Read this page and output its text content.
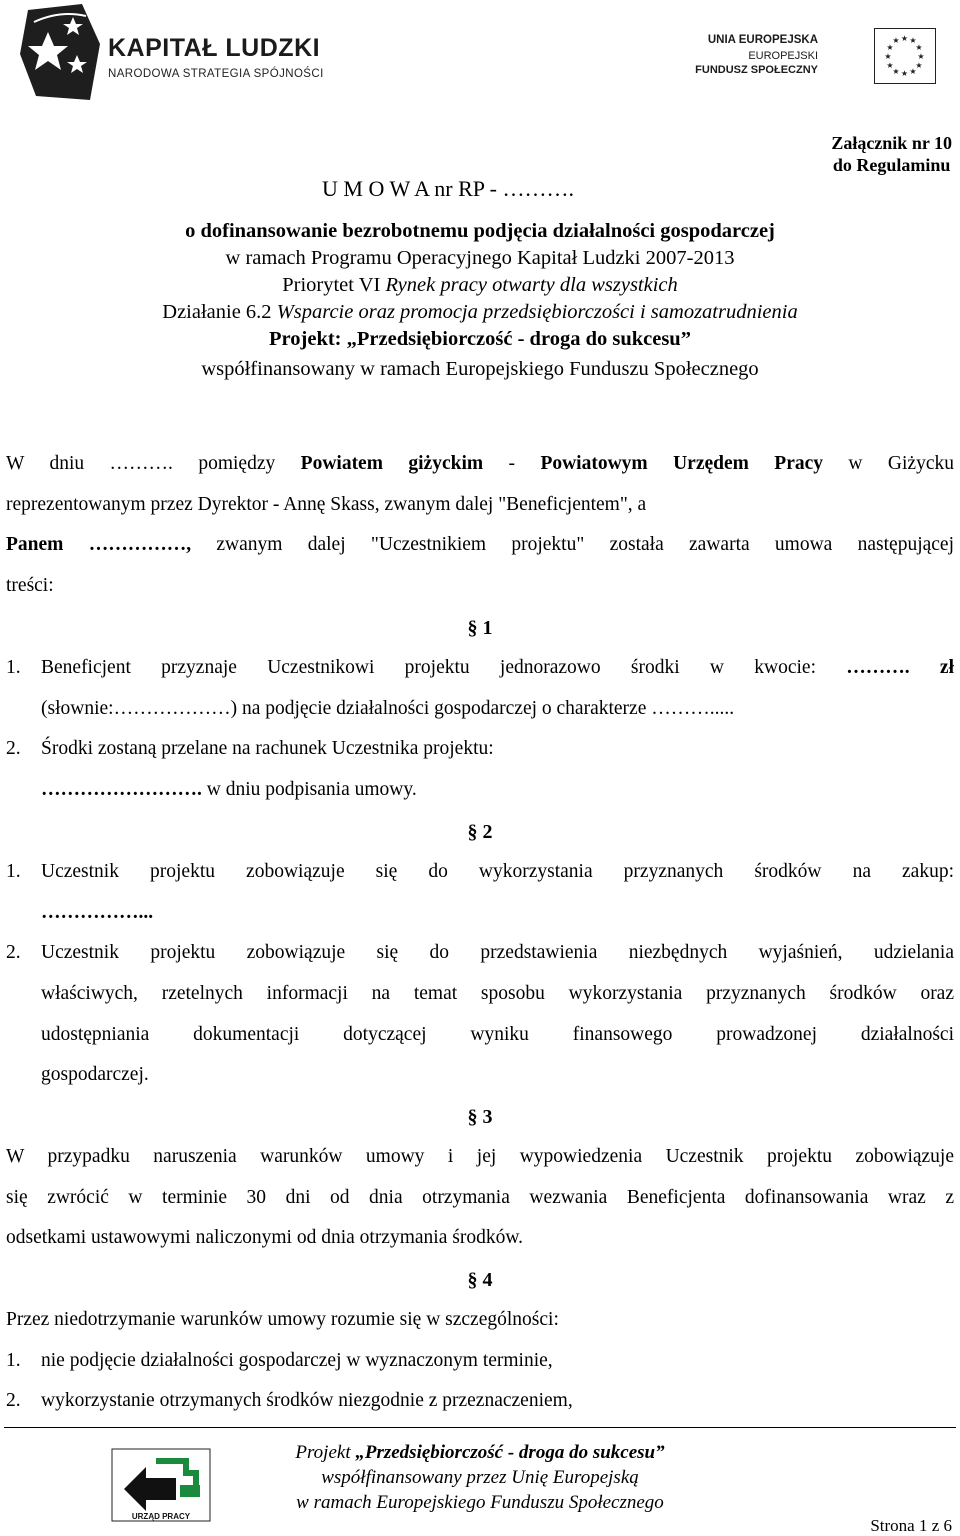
KAPITAŁ LUDZKI
NARODOWA STRATEGIA SPÓJNOŚCI
UNIA EUROPEJSKA
EUROPEJSKI
FUNDUSZ SPOŁECZNY
★ ★
★
★
★
★
★
★
★
★
★
★
Załącznik nr 10
do Regulaminu
U M O W A nr RP - ……….
o dofinansowanie bezrobotnemu podjęcia działalności gospodarczej
w ramach Programu Operacyjnego Kapitał Ludzki 2007-2013
Priorytet VI Rynek pracy otwarty dla wszystkich
Działanie 6.2 Wsparcie oraz promocja przedsiębiorczości i samozatrudnienia
Projekt: „Przedsiębiorczość - droga do sukcesu”
współfinansowany w ramach Europejskiego Funduszu Społecznego
W dniu ………. pomiędzy Powiatem giżyckim - Powiatowym Urzędem Pracy w Giżycku
reprezentowanym przez Dyrektor - Annę Skass, zwanym dalej "Beneficjentem", a
Panem ……………, zwanym dalej "Uczestnikiem projektu" została zawarta umowa następującej
treści:
§ 1
1. Beneficjent przyznaje Uczestnikowi projektu jednorazowo środki w kwocie: ………. zł
(słownie:………………) na podjęcie działalności gospodarczej o charakterze ……….....
2. Środki zostaną przelane na rachunek Uczestnika projektu:
……………………. w dniu podpisania umowy.
§ 2
1. Uczestnik projektu zobowiązuje się do wykorzystania przyznanych środków na zakup:
……………...
2. Uczestnik projektu zobowiązuje się do przedstawienia niezbędnych wyjaśnień, udzielania
właściwych, rzetelnych informacji na temat sposobu wykorzystania przyznanych środków oraz
udostępniania dokumentacji dotyczącej wyniku finansowego prowadzonej działalności
gospodarczej.
§ 3
W przypadku naruszenia warunków umowy i jej wypowiedzenia Uczestnik projektu zobowiązuje
się zwrócić w terminie 30 dni od dnia otrzymania wezwania Beneficjenta dofinansowania wraz z
odsetkami ustawowymi naliczonymi od dnia otrzymania środków.
§ 4
Przez niedotrzymanie warunków umowy rozumie się w szczególności:
1. nie podjęcie działalności gospodarczej w wyznaczonym terminie,
2. wykorzystanie otrzymanych środków niezgodnie z przeznaczeniem,
URZĄD PRACY
Projekt „Przedsiębiorczość - droga do sukcesu”
współfinansowany przez Unię Europejską
w ramach Europejskiego Funduszu Społecznego
Strona 1 z 6
